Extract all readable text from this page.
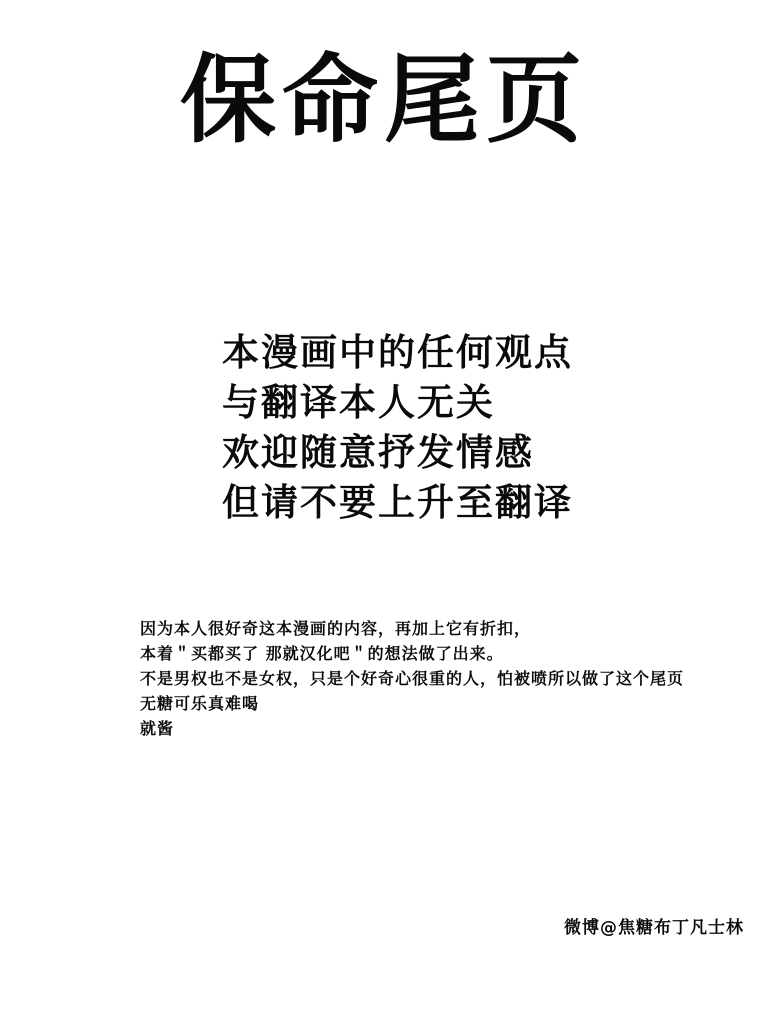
保命尾页
本漫画中的任何观点
与翻译本人无关
欢迎随意抒发情感
但请不要上升至翻译
因为本人很好奇这本漫画的内容，再加上它有折扣，
本着＂买都买了 那就汉化吧＂的想法做了出来。
不是男权也不是女权，只是个好奇心很重的人，怕被喷所以做了这个尾页
无糖可乐真难喝
就酱
微博@焦糖布丁凡士林
